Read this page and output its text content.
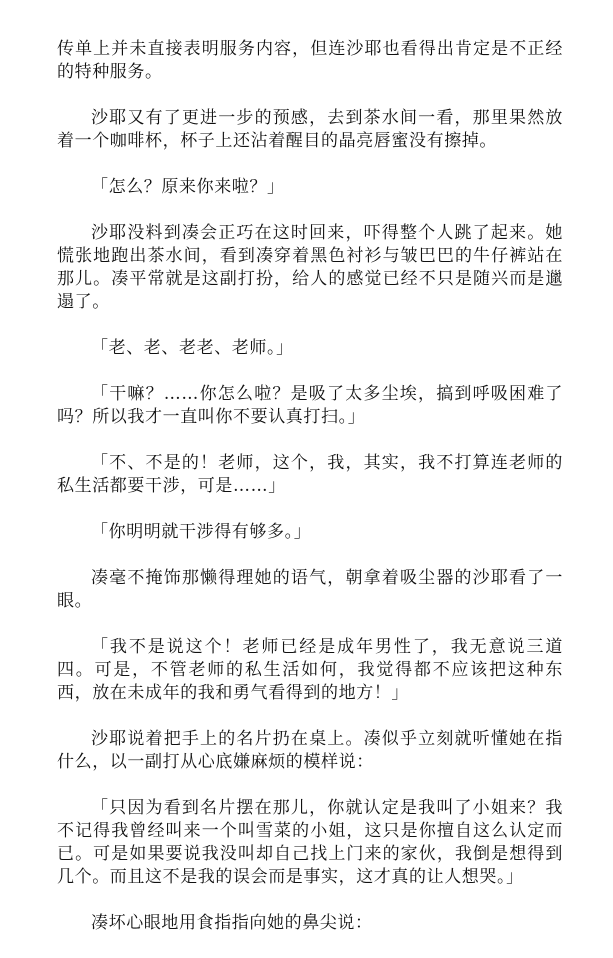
传单上并未直接表明服务内容，但连沙耶也看得出肯定是不正经的特种服务。

沙耶又有了更进一步的预感，去到茶水间一看，那里果然放着一个咖啡杯，杯子上还沾着醒目的晶亮唇蜜没有擦掉。

「怎么？原来你来啦？」

沙耶没料到凑会正巧在这时回来，吓得整个人跳了起来。她慌张地跑出茶水间，看到凑穿着黑色衬衫与皱巴巴的牛仔裤站在那儿。凑平常就是这副打扮，给人的感觉已经不只是随兴而是邋遢了。

「老、老、老老、老师。」

「干嘛？……你怎么啦？是吸了太多尘埃，搞到呼吸困难了吗？所以我才一直叫你不要认真打扫。」

「不、不是的！老师，这个，我，其实，我不打算连老师的私生活都要干涉，可是……」

「你明明就干涉得有够多。」

凑毫不掩饰那懒得理她的语气，朝拿着吸尘器的沙耶看了一眼。

「我不是说这个！老师已经是成年男性了，我无意说三道四。可是，不管老师的私生活如何，我觉得都不应该把这种东西，放在未成年的我和勇气看得到的地方！」

沙耶说着把手上的名片扔在桌上。凑似乎立刻就听懂她在指什么，以一副打从心底嫌麻烦的模样说：

「只因为看到名片摆在那儿，你就认定是我叫了小姐来？我不记得我曾经叫来一个叫雪菜的小姐，这只是你擅自这么认定而已。可是如果要说我没叫却自己找上门来的家伙，我倒是想得到几个。而且这不是我的误会而是事实，这才真的让人想哭。」

凑坏心眼地用食指指向她的鼻尖说：
